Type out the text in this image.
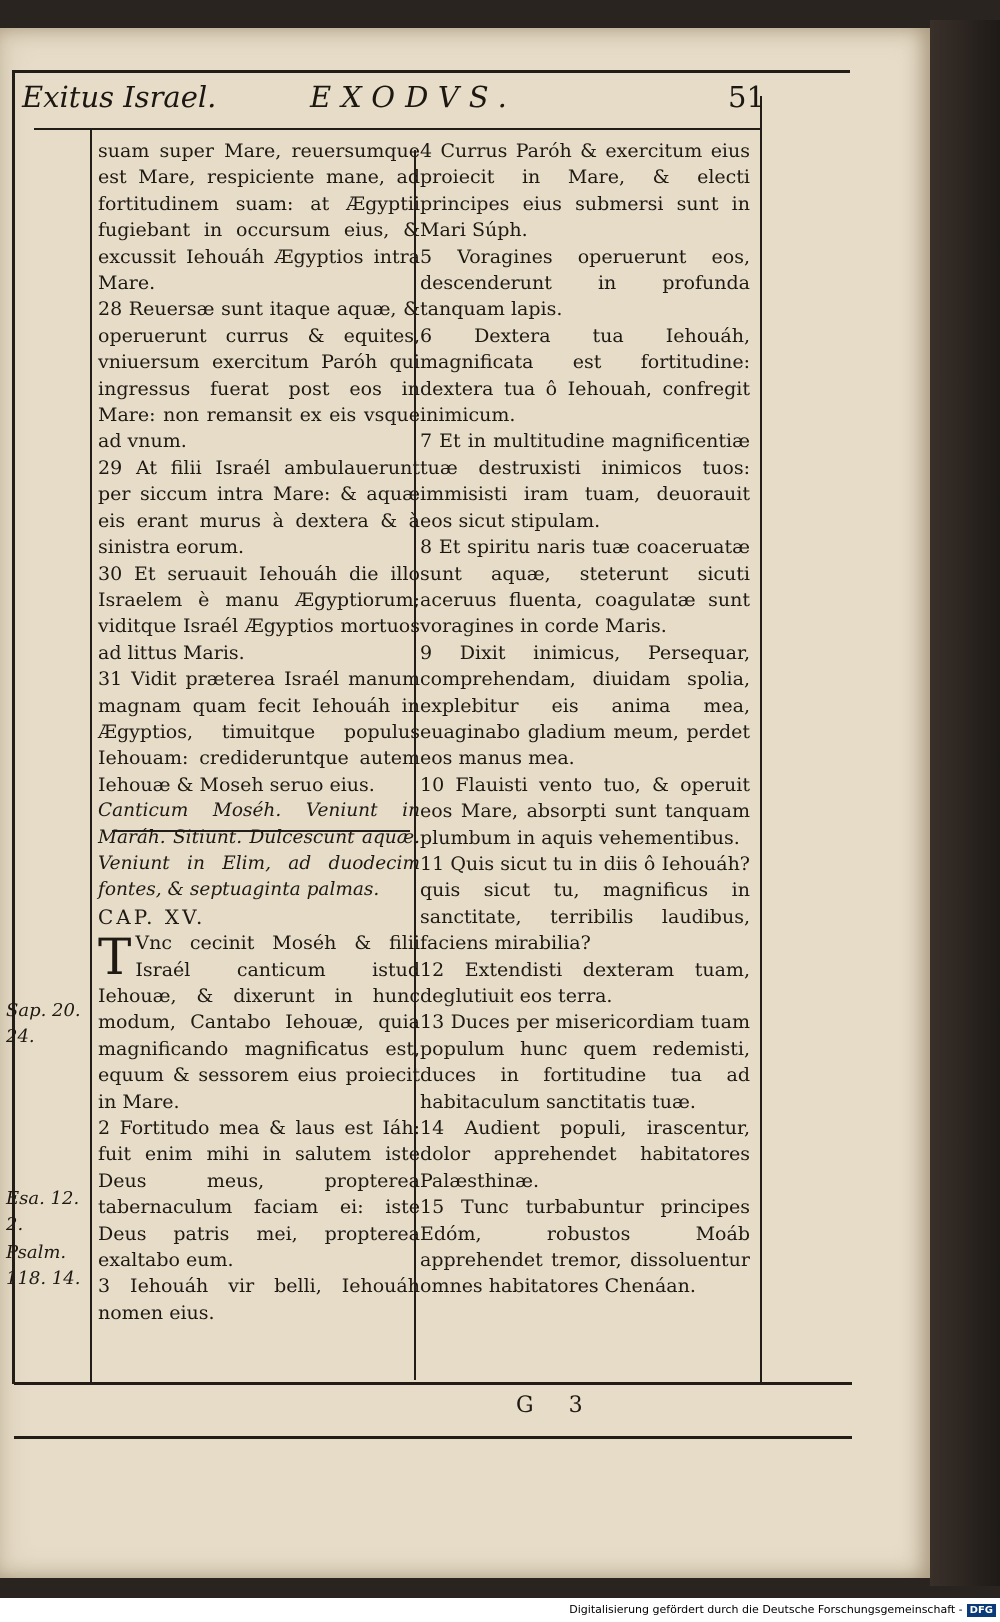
Exitus Israel.	EXODVS.	51

suam super Mare, reuersumque est Mare, respiciente mane, ad fortitudinem suam: at Ægyptii fugiebant in occursum eius, & excussit Iehouáh Ægyptios intra Mare.

28 Reuersæ sunt itaque aquæ, & operuerunt currus & equites, vniuersum exercitum Paróh qui ingressus fuerat post eos in Mare: non remansit ex eis vsque ad vnum.

29 At filii Israél ambulauerunt per siccum intra Mare: & aquæ eis erant murus à dextera & à sinistra eorum.

30 Et seruauit Iehouáh die illo Israelem è manu Ægyptiorum; viditque Israél Ægyptios mortuos ad littus Maris.

31 Vidit præterea Israél manum magnam quam fecit Iehouáh in Ægyptios, timuitque populus Iehouam: credideruntque autem Iehouæ & Moseh seruo eius.

Canticum Moséh. Veniunt in Maráh. Sitiunt. Dulcescunt aquæ. Veniunt in Elim, ad duodecim fontes, & septuaginta palmas.

CAP. XV.

T Vnc cecinit Moséh & filii Israél canticum istud Iehouæ, & dixerunt in hunc modum, Cantabo Iehouæ, quia magnificando magnificatus est, equum & sessorem eius proiecit in Mare.

2 Fortitudo mea & laus est Iáh: fuit enim mihi in salutem iste Deus meus, propterea tabernaculum faciam ei: iste Deus patris mei, propterea exaltabo eum.

3 Iehouáh vir belli, Iehouáh nomen eius.

4 Currus Paróh & exercitum eius proiecit in Mare, & electi principes eius submersi sunt in Mari Súph.

5 Voragines operuerunt eos, descenderunt in profunda tanquam lapis.

6 Dextera tua Iehouáh, magnificata est fortitudine: dextera tua ô Iehouah, confregit inimicum.

7 Et in multitudine magnificentiæ tuæ destruxisti inimicos tuos: immisisti iram tuam, deuorauit eos sicut stipulam.

8 Et spiritu naris tuæ coaceruatæ sunt aquæ, steterunt sicuti aceruus fluenta, coagulatæ sunt voragines in corde Maris.

9 Dixit inimicus, Persequar, comprehendam, diuidam spolia, explebitur eis anima mea, euaginabo gladium meum, perdet eos manus mea.

10 Flauisti vento tuo, & operuit eos Mare, absorpti sunt tanquam plumbum in aquis vehementibus.

11 Quis sicut tu in diis ô Iehouáh? quis sicut tu, magnificus in sanctitate, terribilis laudibus, faciens mirabilia?

12 Extendisti dexteram tuam, deglutiuit eos terra.

13 Duces per misericordiam tuam populum hunc quem redemisti, duces in fortitudine tua ad habitaculum sanctitatis tuæ.

14 Audient populi, irascentur, dolor apprehendet habitatores Palæsthinæ.

15 Tunc turbabuntur principes Edóm, robustos Moáb apprehendet tremor, dissoluentur omnes habitatores Chenáan.

Sap. 20. 24.
Esa. 12. 2.
Psalm. 118. 14.
G 3
Digitalisierung gefördert durch die Deutsche Forschungsgemeinschaft - DFG
